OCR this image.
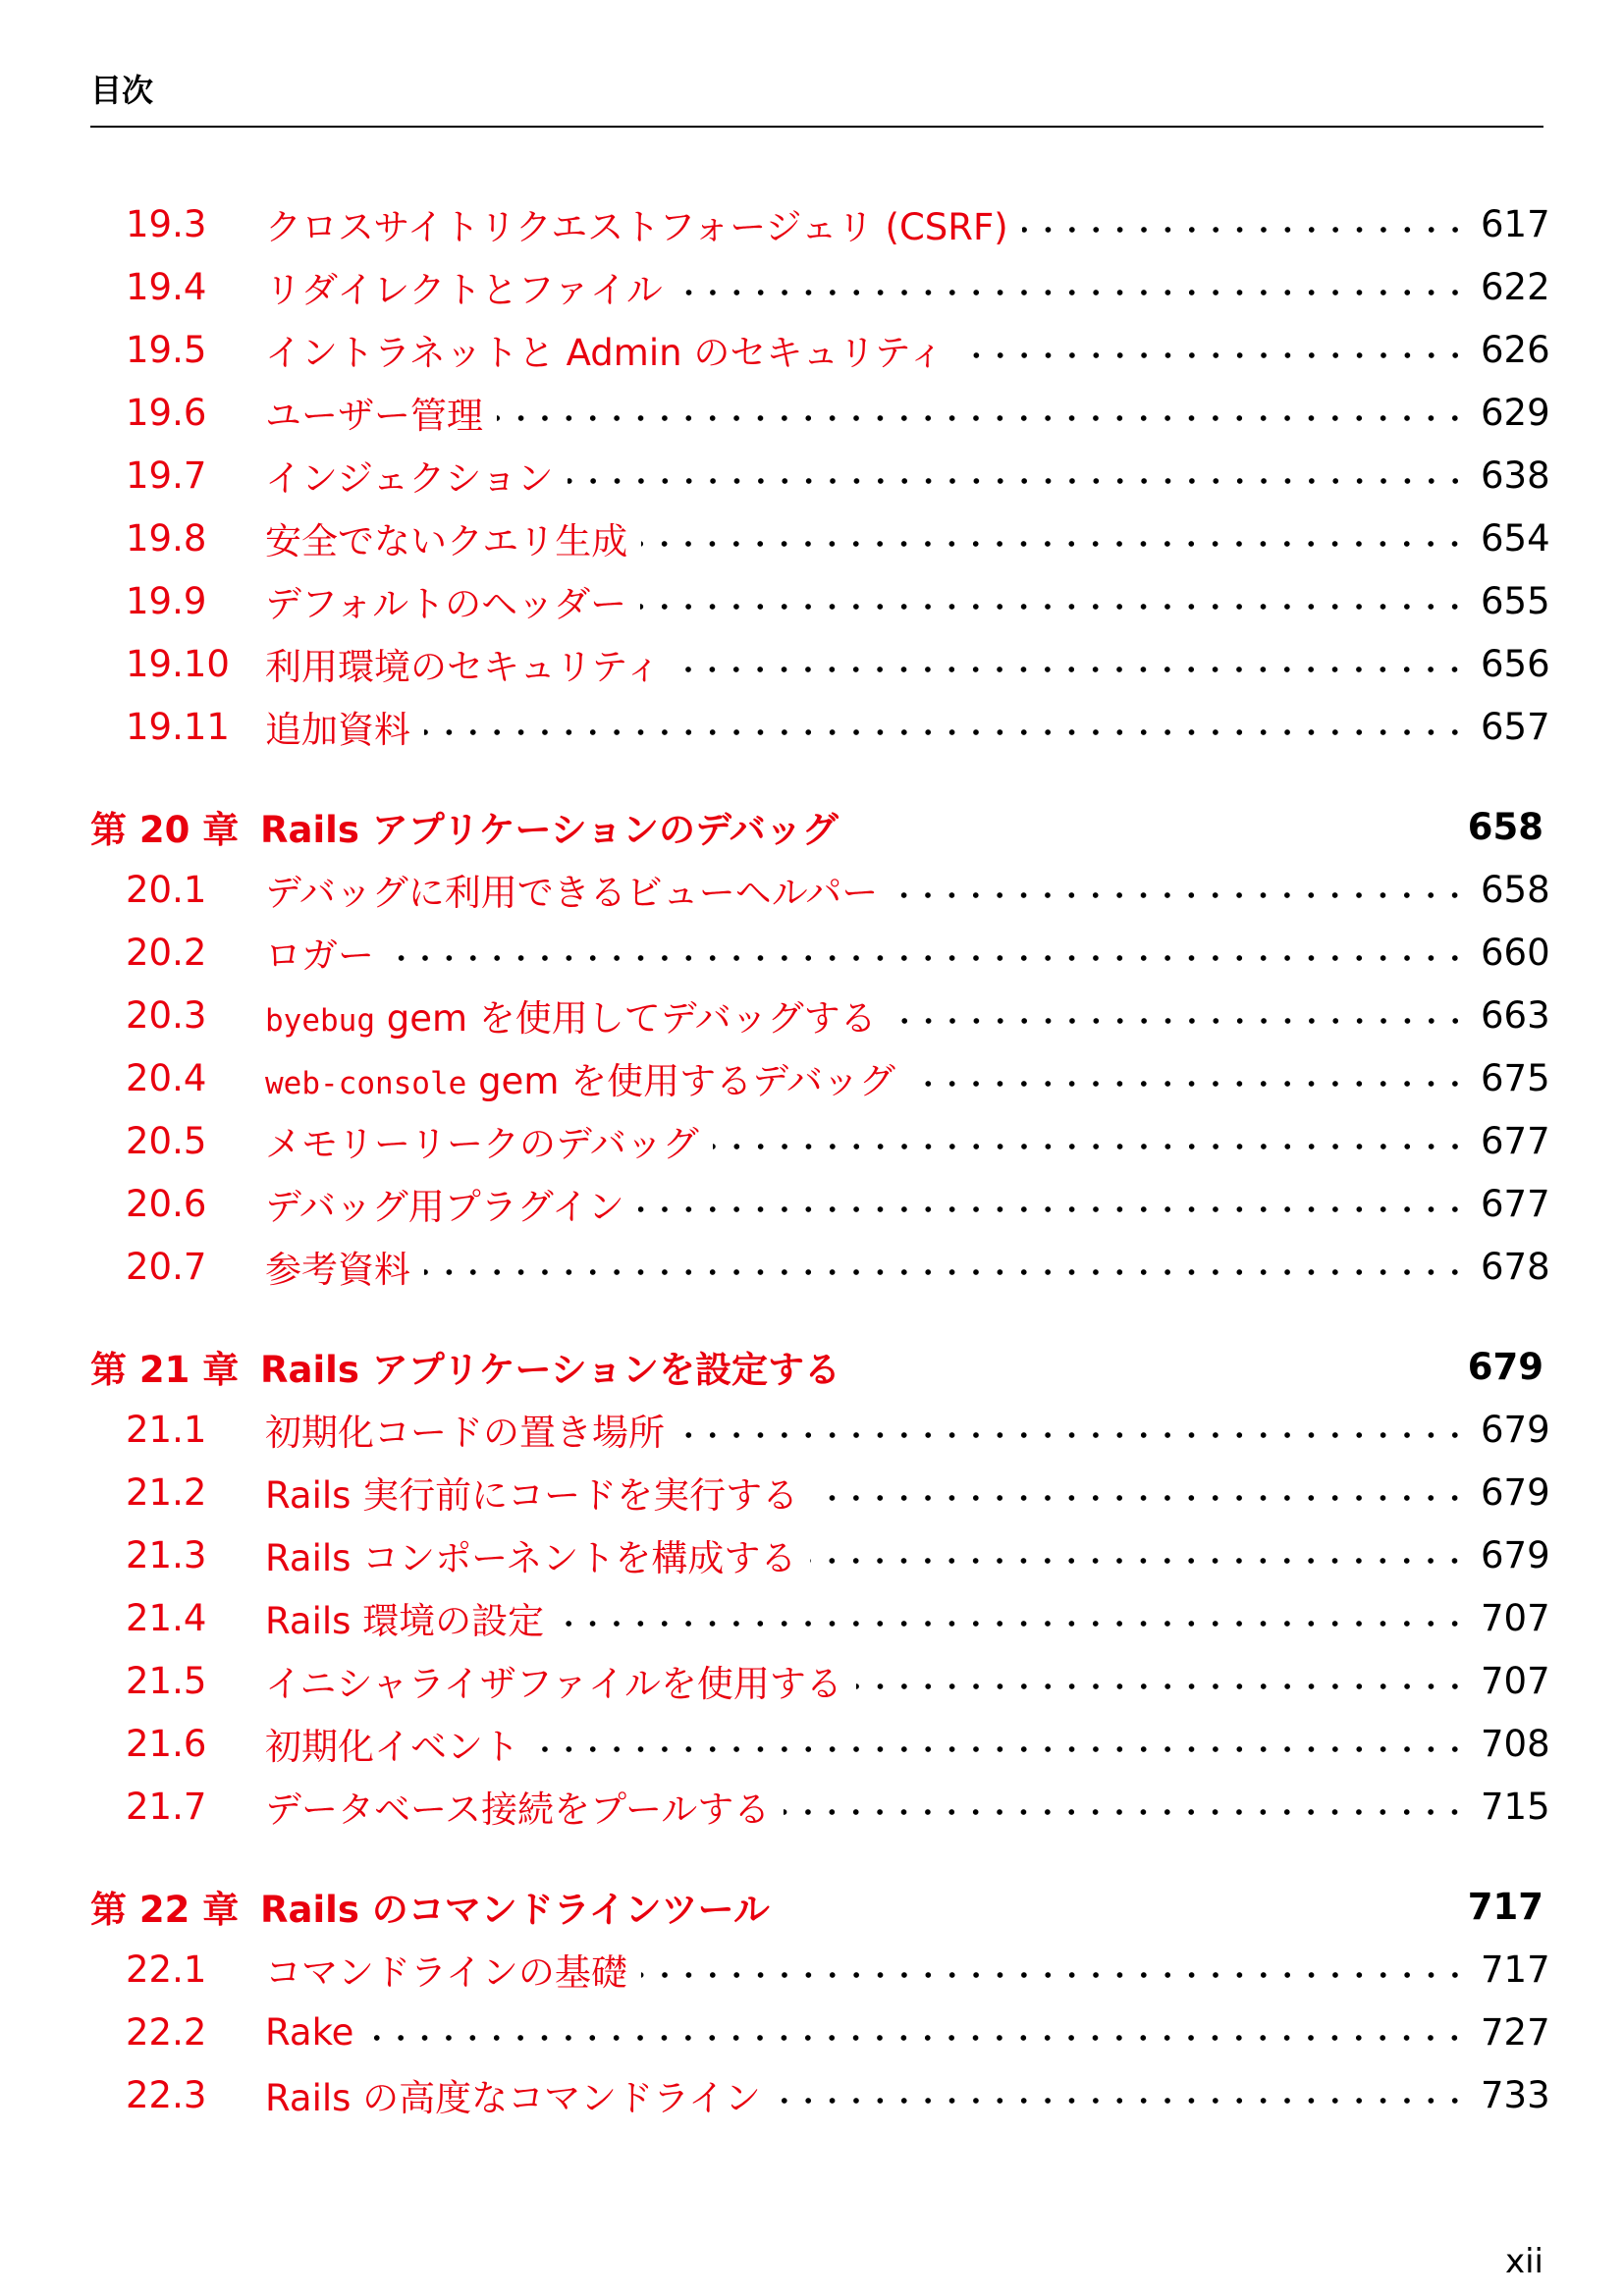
目次
19.3	クロスサイトリクエストフォージェリ (CSRF)	617
19.4	リダイレクトとファイル	622
19.5	イントラネットと Admin のセキュリティ	626
19.6	ユーザー管理	629
19.7	インジェクション	638
19.8	安全でないクエリ生成	654
19.9	デフォルトのヘッダー	655
19.10 利用環境のセキュリティ	656
19.11 追加資料	657
第 20 章 Rails アプリケーションのデバッグ	658
20.1	デバッグに利用できるビューヘルパー	658
20.2	ロガー	660
20.3	byebug gem を使用してデバッグする	663
20.4	web-console gem を使用するデバッグ	675
20.5	メモリーリークのデバッグ	677
20.6	デバッグ用プラグイン	677
20.7	参考資料	678
第 21 章 Rails アプリケーションを設定する	679
21.1	初期化コードの置き場所	679
21.2	Rails 実行前にコードを実行する	679
21.3	Rails コンポーネントを構成する	679
21.4	Rails 環境の設定	707
21.5	イニシャライザファイルを使用する	707
21.6	初期化イベント	708
21.7	データベース接続をプールする	715
第 22 章 Rails のコマンドラインツール	717
22.1	コマンドラインの基礎	717
22.2	Rake	727
22.3	Rails の高度なコマンドライン	733
xii
